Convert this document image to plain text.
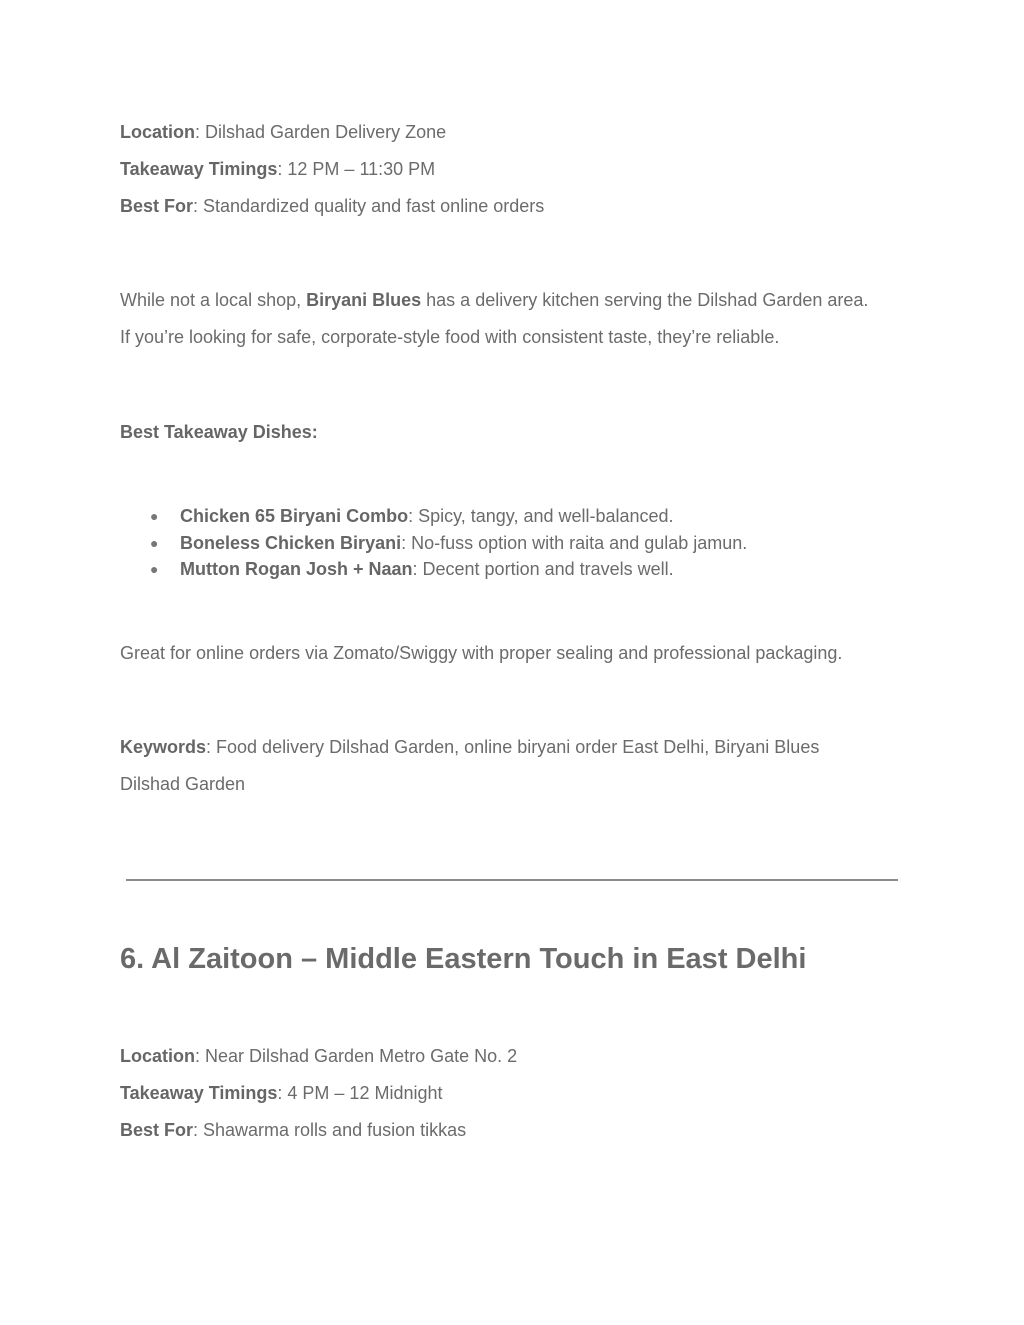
Location: Dilshad Garden Delivery Zone
Takeaway Timings: 12 PM – 11:30 PM
Best For: Standardized quality and fast online orders
While not a local shop, Biryani Blues has a delivery kitchen serving the Dilshad Garden area.
If you’re looking for safe, corporate-style food with consistent taste, they’re reliable.
Best Takeaway Dishes:
● Chicken 65 Biryani Combo: Spicy, tangy, and well-balanced.
● Boneless Chicken Biryani: No-fuss option with raita and gulab jamun.
● Mutton Rogan Josh + Naan: Decent portion and travels well.
Great for online orders via Zomato/Swiggy with proper sealing and professional packaging.
Keywords: Food delivery Dilshad Garden, online biryani order East Delhi, Biryani Blues
Dilshad Garden
6. Al Zaitoon – Middle Eastern Touch in East Delhi
Location: Near Dilshad Garden Metro Gate No. 2
Takeaway Timings: 4 PM – 12 Midnight
Best For: Shawarma rolls and fusion tikkas
